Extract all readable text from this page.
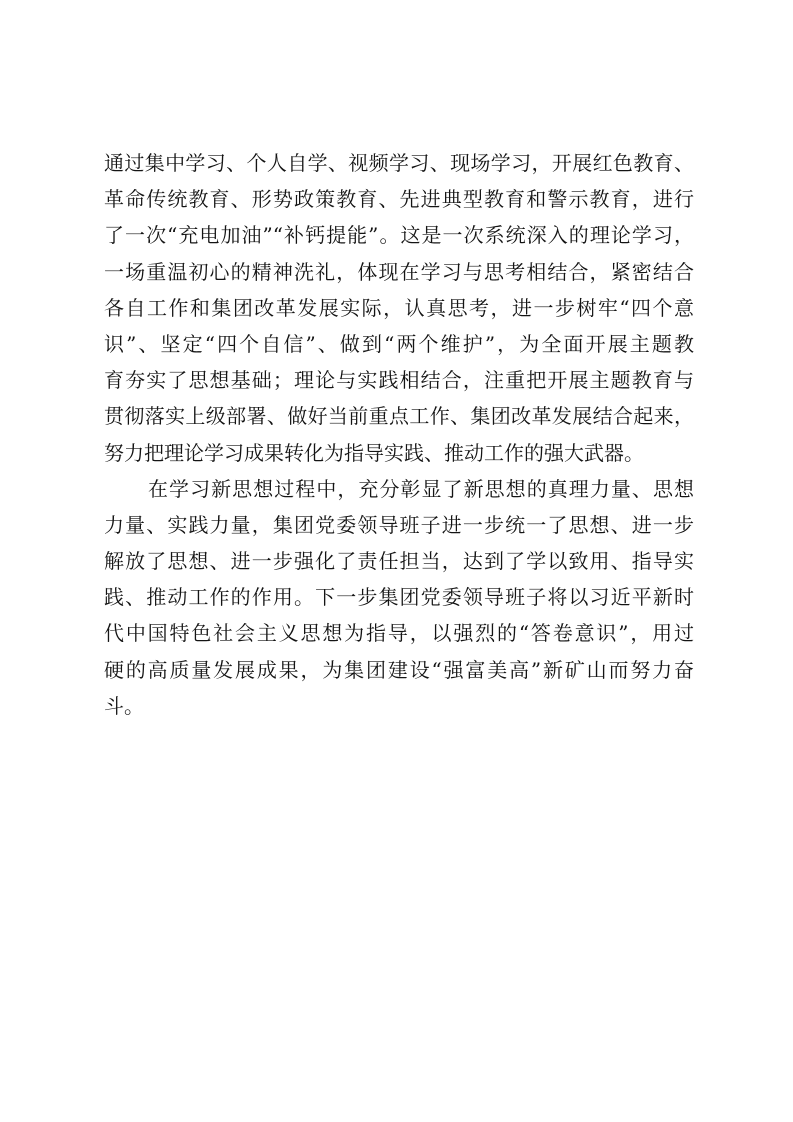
通过集中学习、个人自学、视频学习、现场学习，开展红色教育、
革命传统教育、形势政策教育、先进典型教育和警示教育，进行
了一次“充电加油”“补钙提能”。这是一次系统深入的理论学习，
一场重温初心的精神洗礼，体现在学习与思考相结合，紧密结合
各自工作和集团改革发展实际，认真思考，进一步树牢“四个意
识”、坚定“四个自信”、做到“两个维护”，为全面开展主题教
育夯实了思想基础；理论与实践相结合，注重把开展主题教育与
贯彻落实上级部署、做好当前重点工作、集团改革发展结合起来，
努力把理论学习成果转化为指导实践、推动工作的强大武器。
在学习新思想过程中，充分彰显了新思想的真理力量、思想
力量、实践力量，集团党委领导班子进一步统一了思想、进一步
解放了思想、进一步强化了责任担当，达到了学以致用、指导实
践、推动工作的作用。下一步集团党委领导班子将以习近平新时
代中国特色社会主义思想为指导，以强烈的“答卷意识”，用过
硬的高质量发展成果，为集团建设“强富美高”新矿山而努力奋
斗。
